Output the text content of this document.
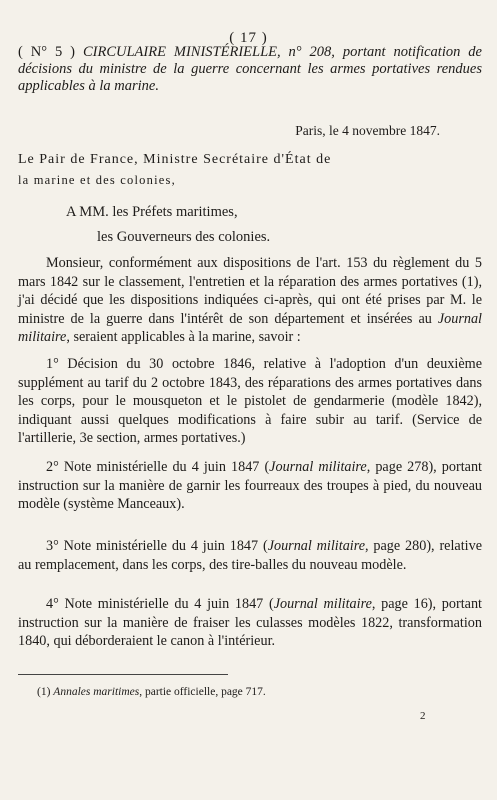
( 17 )
( N° 5 ) CIRCULAIRE MINISTÉRIELLE, n° 208, portant notification de décisions du ministre de la guerre concernant les armes portatives rendues applicables à la marine.
Paris, le 4 novembre 1847.
Le Pair de France, Ministre Secrétaire d'État de
la marine et des colonies,
A MM. les Préfets maritimes,
les Gouverneurs des colonies.

Monsieur, conformément aux dispositions de l'art. 153 du règlement du 5 mars 1842 sur le classement, l'entretien et la réparation des armes portatives (1), j'ai décidé que les dispositions indiquées ci-après, qui ont été prises par M. le ministre de la guerre dans l'intérêt de son département et insérées au Journal militaire, seraient applicables à la marine, savoir :

1° Décision du 30 octobre 1846, relative à l'adoption d'un deuxième supplément au tarif du 2 octobre 1843, des réparations des armes portatives dans les corps, pour le mousqueton et le pistolet de gendarmerie (modèle 1842), indiquant aussi quelques modifications à faire subir au tarif. (Service de l'artillerie, 3e section, armes portatives.)

2° Note ministérielle du 4 juin 1847 (Journal militaire, page 278), portant instruction sur la manière de garnir les fourreaux des troupes à pied, du nouveau modèle (système Manceaux).

3° Note ministérielle du 4 juin 1847 (Journal militaire, page 280), relative au remplacement, dans les corps, des tire-balles du nouveau modèle.

4° Note ministérielle du 4 juin 1847 (Journal militaire, page 16), portant instruction sur la manière de fraiser les culasses modèles 1822, transformation 1840, qui déborderaient le canon à l'intérieur.

(1) Annales maritimes, partie officielle, page 717.
2
